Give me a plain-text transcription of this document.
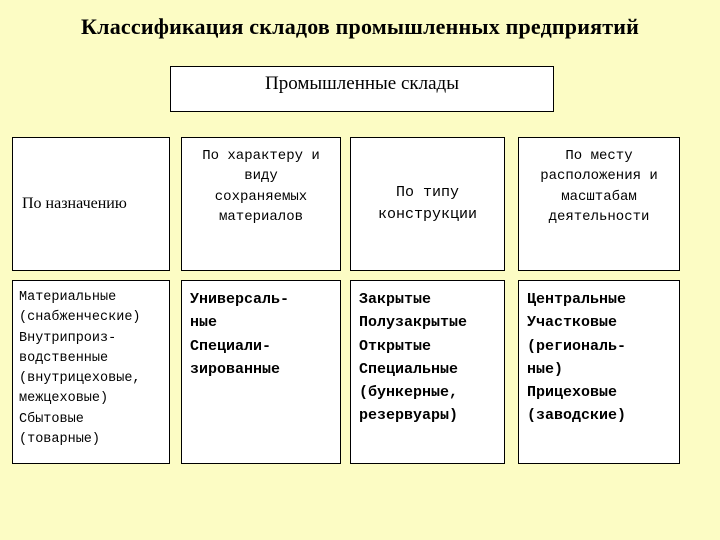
Классификация складов промышленных предприятий
Промышленные склады
По назначению
По характеру и
виду
сохраняемых
материалов
По типу
конструкции
По месту
расположения и
масштабам
деятельности
Материальные
(снабженческие)
Внутрипроиз-
водственные
(внутрицеховые,
межцеховые)
Сбытовые
(товарные)
Универсаль-
ные
Специали-
зированные
Закрытые
Полузакрытые
Открытые
Специальные
(бункерные,
резервуары)
Центральные
Участковые
(региональ-
ные)
Прицеховые
(заводские)
